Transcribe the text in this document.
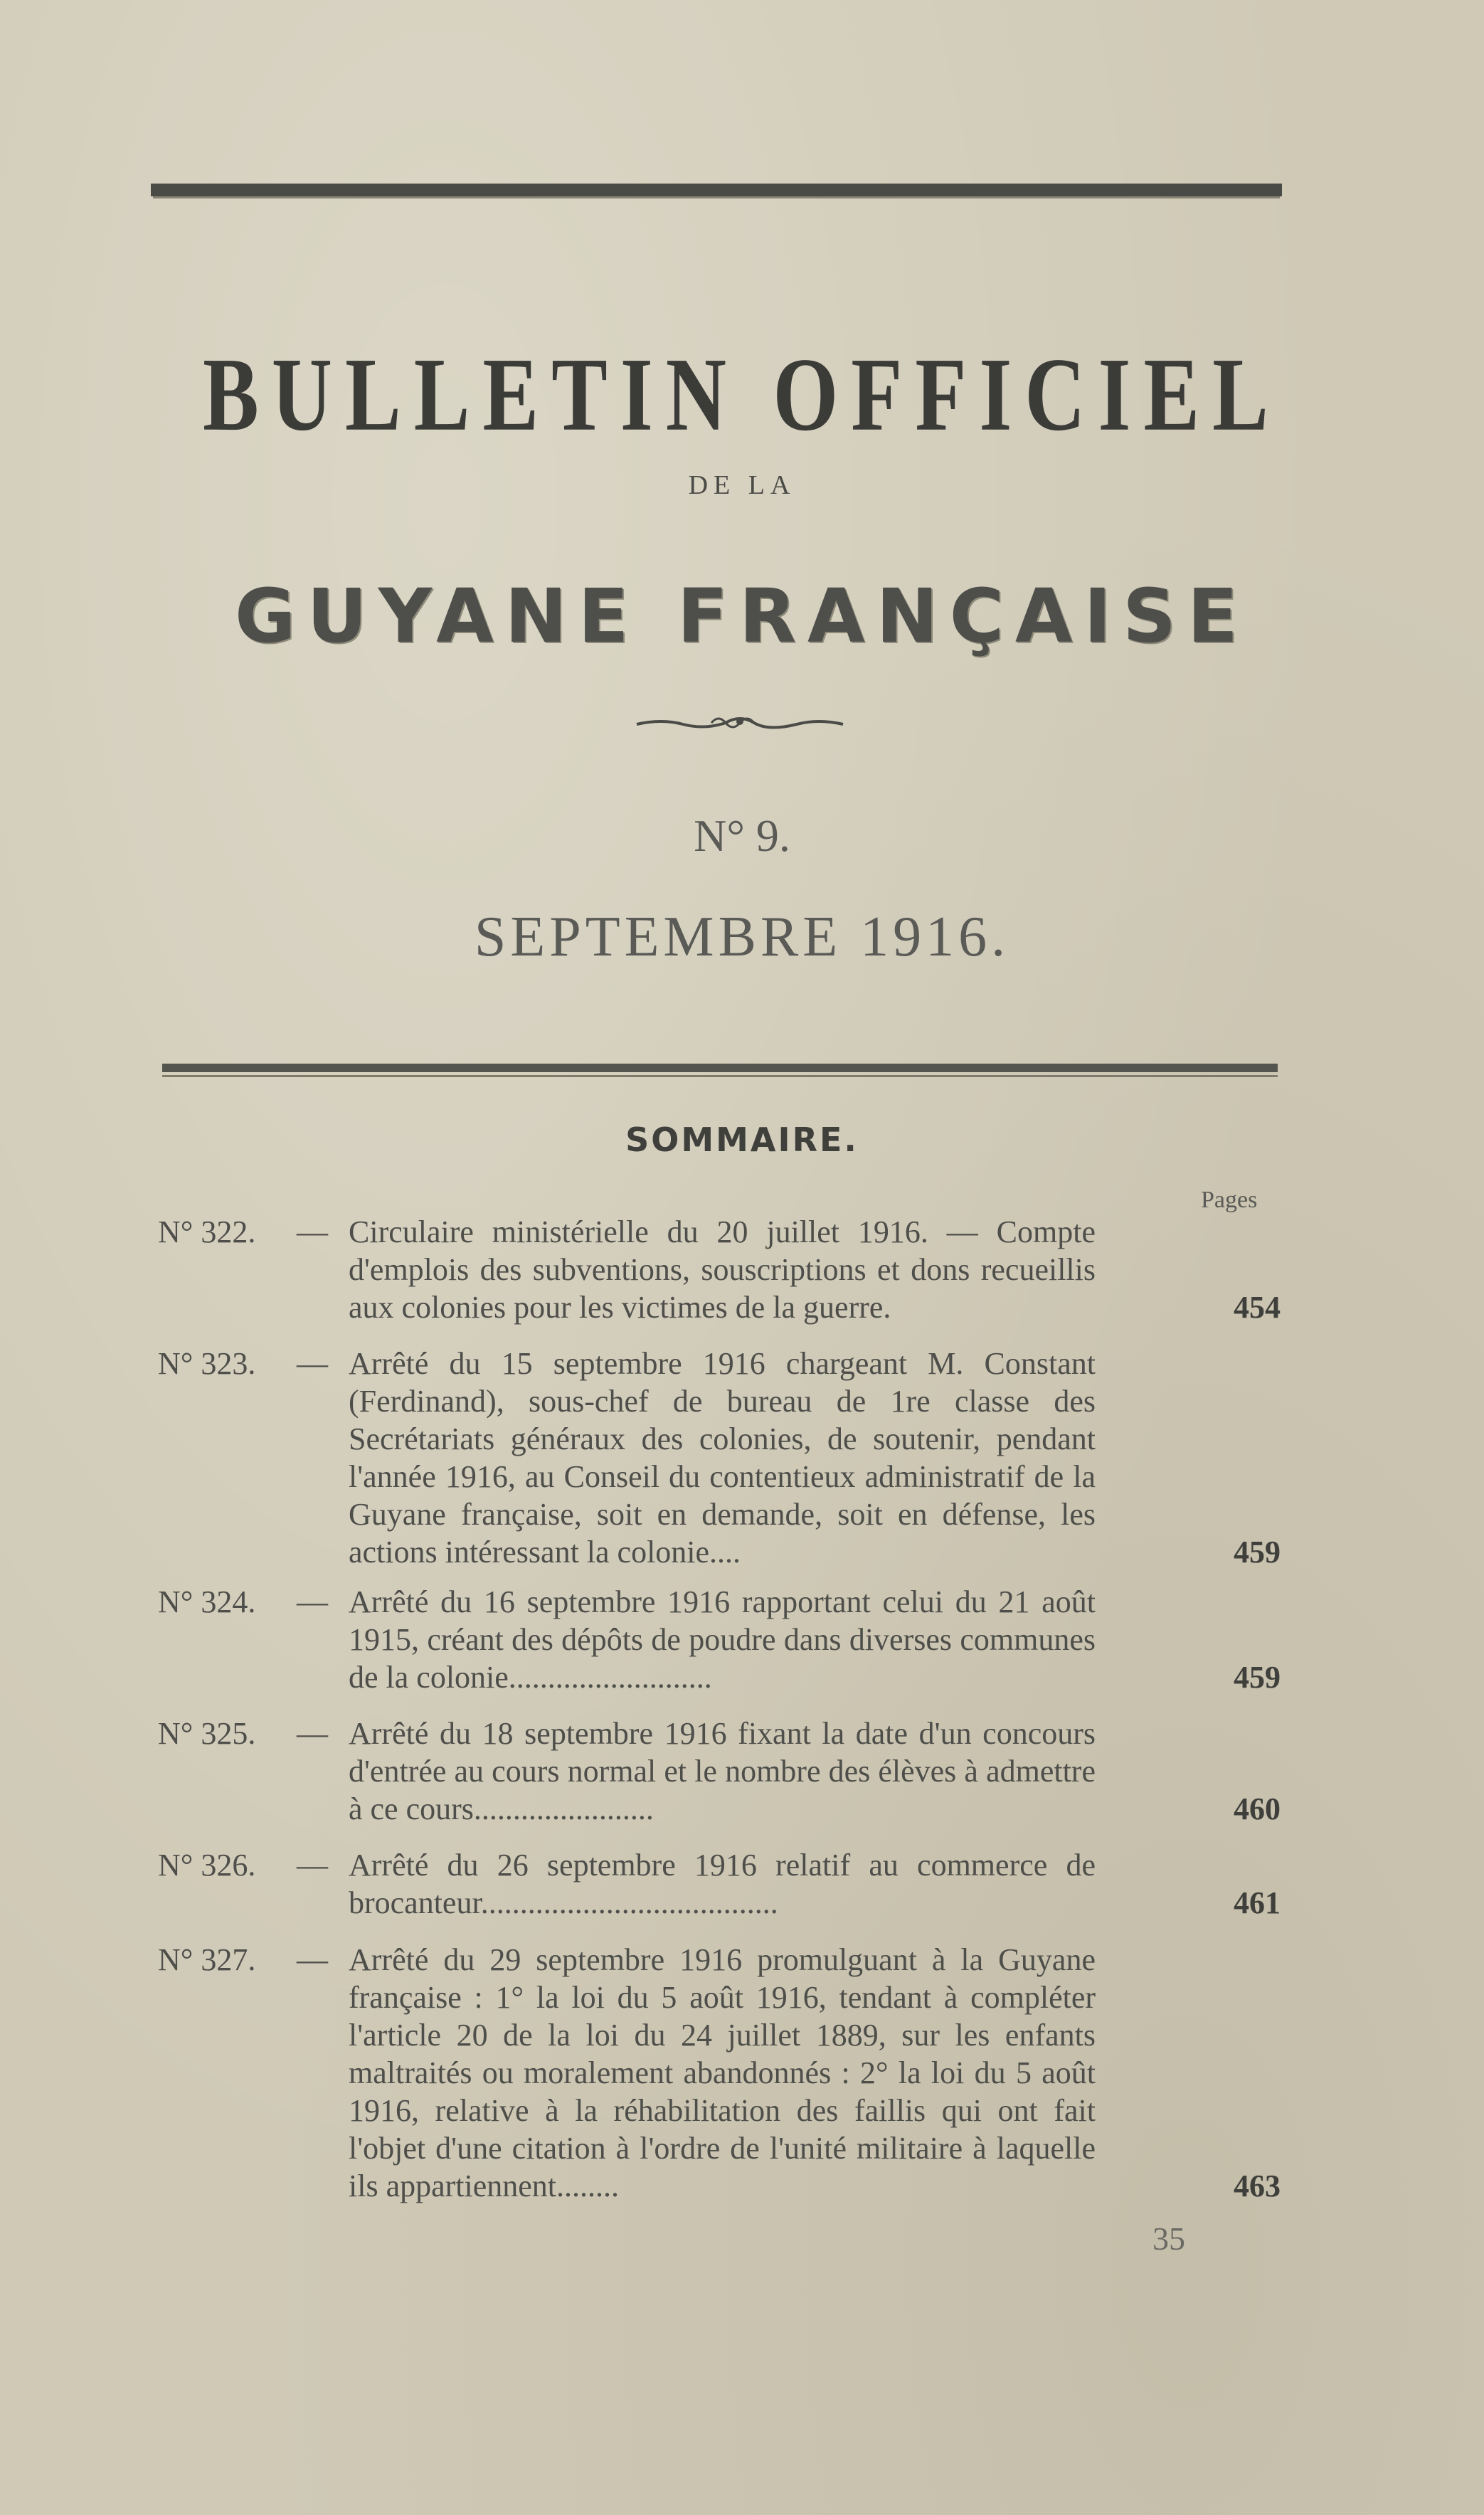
BULLETIN OFFICIEL
DE LA
GUYANE FRANÇAISE
N° 9.
SEPTEMBRE 1916.
SOMMAIRE.
Pages
N° 322.	— Circulaire ministérielle du 20 juillet 1916. — Compte d'emplois des subventions, souscriptions et dons recueillis aux colonies pour les victimes de la guerre.	454
N° 323.	— Arrêté du 15 septembre 1916 chargeant M. Constant (Ferdinand), sous-chef de bureau de 1re classe des Secrétariats généraux des colonies, de soutenir, pendant l'année 1916, au Conseil du contentieux administratif de la Guyane française, soit en demande, soit en défense, les actions intéressant la colonie....	459
N° 324.	— Arrêté du 16 septembre 1916 rapportant celui du 21 août 1915, créant des dépôts de poudre dans diverses communes de la colonie..........................	459
N° 325.	— Arrêté du 18 septembre 1916 fixant la date d'un concours d'entrée au cours normal et le nombre des élèves à admettre à ce cours.......................	460
N° 326.	— Arrêté du 26 septembre 1916 relatif au commerce de brocanteur......................................	461
N° 327.	— Arrêté du 29 septembre 1916 promulguant à la Guyane française : 1° la loi du 5 août 1916, tendant à compléter l'article 20 de la loi du 24 juillet 1889, sur les enfants maltraités ou moralement abandonnés : 2° la loi du 5 août 1916, relative à la réhabilitation des faillis qui ont fait l'objet d'une citation à l'ordre de l'unité militaire à laquelle ils appartiennent........	463
35
